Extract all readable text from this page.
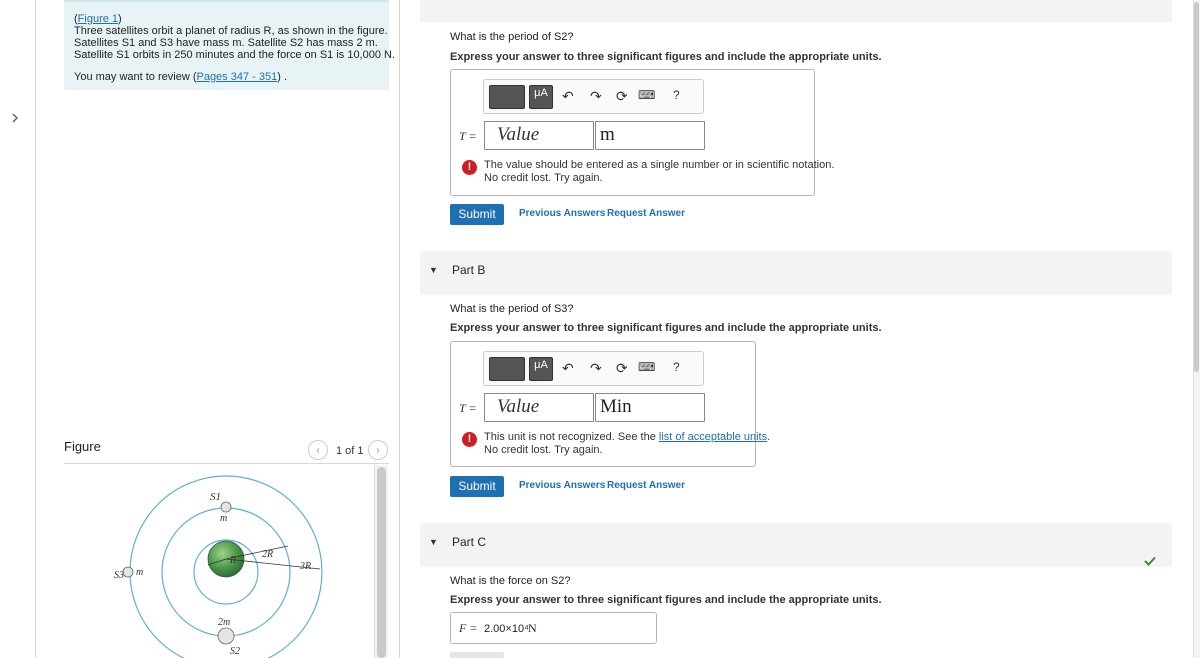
(Figure 1)
Three satellites orbit a planet of radius R, as shown in the figure.
Satellites S1 and S3 have mass m. Satellite S2 has mass 2 m.
Satellite S1 orbits in 250 minutes and the force on S1 is 10,000 N.
You may want to review (Pages 347 - 351) .
Figure	‹	1 of 1	›
S1
m
S3 m
2m
S2
R
2R
3R
What is the period of S2?
Express your answer to three significant figures and include the appropriate units.
μA	↶ ↷ ⟳ ⌨ ?
T =	Value	m
!	The value should be entered as a single number or in scientific notation.
No credit lost. Try again.
Submit	Previous Answers Request Answer
▼ Part B
What is the period of S3?
Express your answer to three significant figures and include the appropriate units.
μA	↶ ↷ ⟳ ⌨ ?
T =	Value	Min
!	This unit is not recognized. See the list of acceptable units.
No credit lost. Try again.
Submit	Previous Answers Request Answer
▼ Part C
What is the force on S2?
Express your answer to three significant figures and include the appropriate units.
F = 2.00×10⁴ N
